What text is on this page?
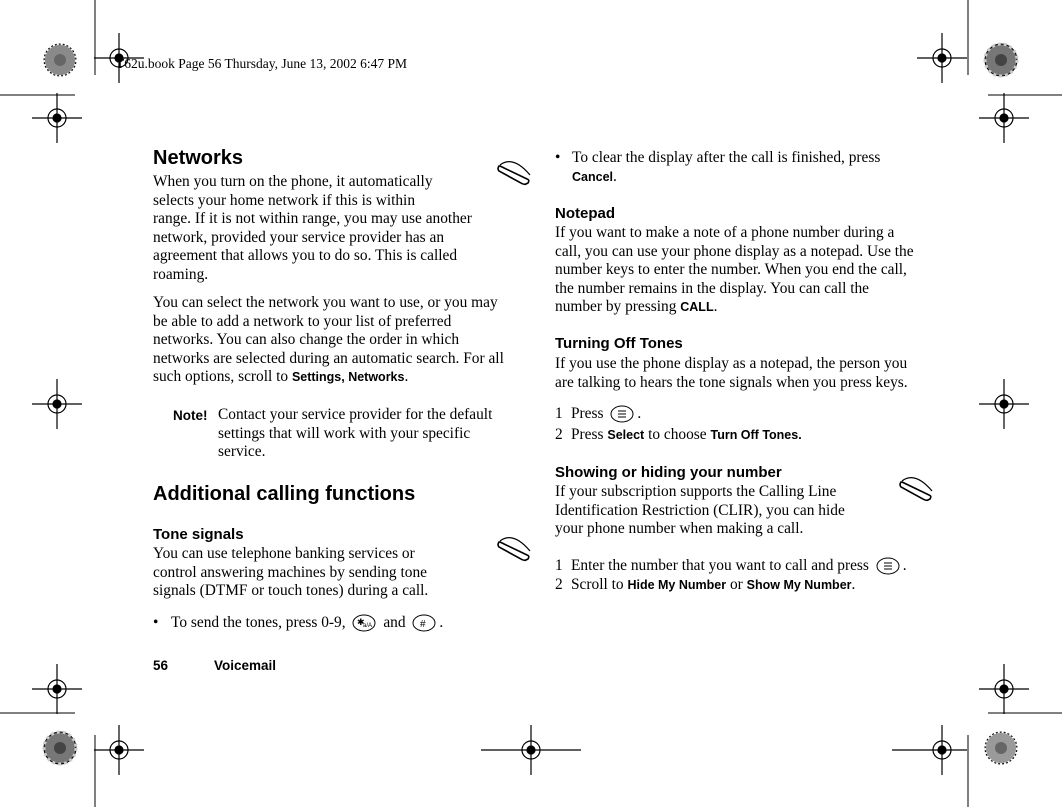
T62u.book Page 56 Thursday, June 13, 2002 6:47 PM
Networks

When you turn on the phone, it automatically

selects your home network if this is within

range. If it is not within range, you may use another

network, provided your service provider has an

agreement that allows you to do so. This is called

roaming.

You can select the network you want to use, or you may

be able to add a network to your list of preferred

networks. You can also change the order in which

networks are selected during an automatic search. For all

such options, scroll to Settings, Networks.

Note! Contact your service provider for the default

settings that will work with your specific

service.

Additional calling functions
Tone signals

You can use telephone banking services or

control answering machines by sending tone

signals (DTMF or touch tones) during a call.

• To send the tones, press 0-9, ✱
a/A and # .

• To clear the display after the call is finished, press

Cancel.

Notepad

If you want to make a note of a phone number during a

call, you can use your phone display as a notepad. Use the

number keys to enter the number. When you end the call,

the number remains in the display. You can call the

number by pressing CALL.

Turning Off Tones

If you use the phone display as a notepad, the person you

are talking to hears the tone signals when you press keys.

1 Press .
2 Press Select to choose Turn Off Tones.
Showing or hiding your number

If your subscription supports the Calling Line

Identification Restriction (CLIR), you can hide

your phone number when making a call.

1 Enter the number that you want to call and press .
2 Scroll to Hide My Number or Show My Number.
56	Voicemail
